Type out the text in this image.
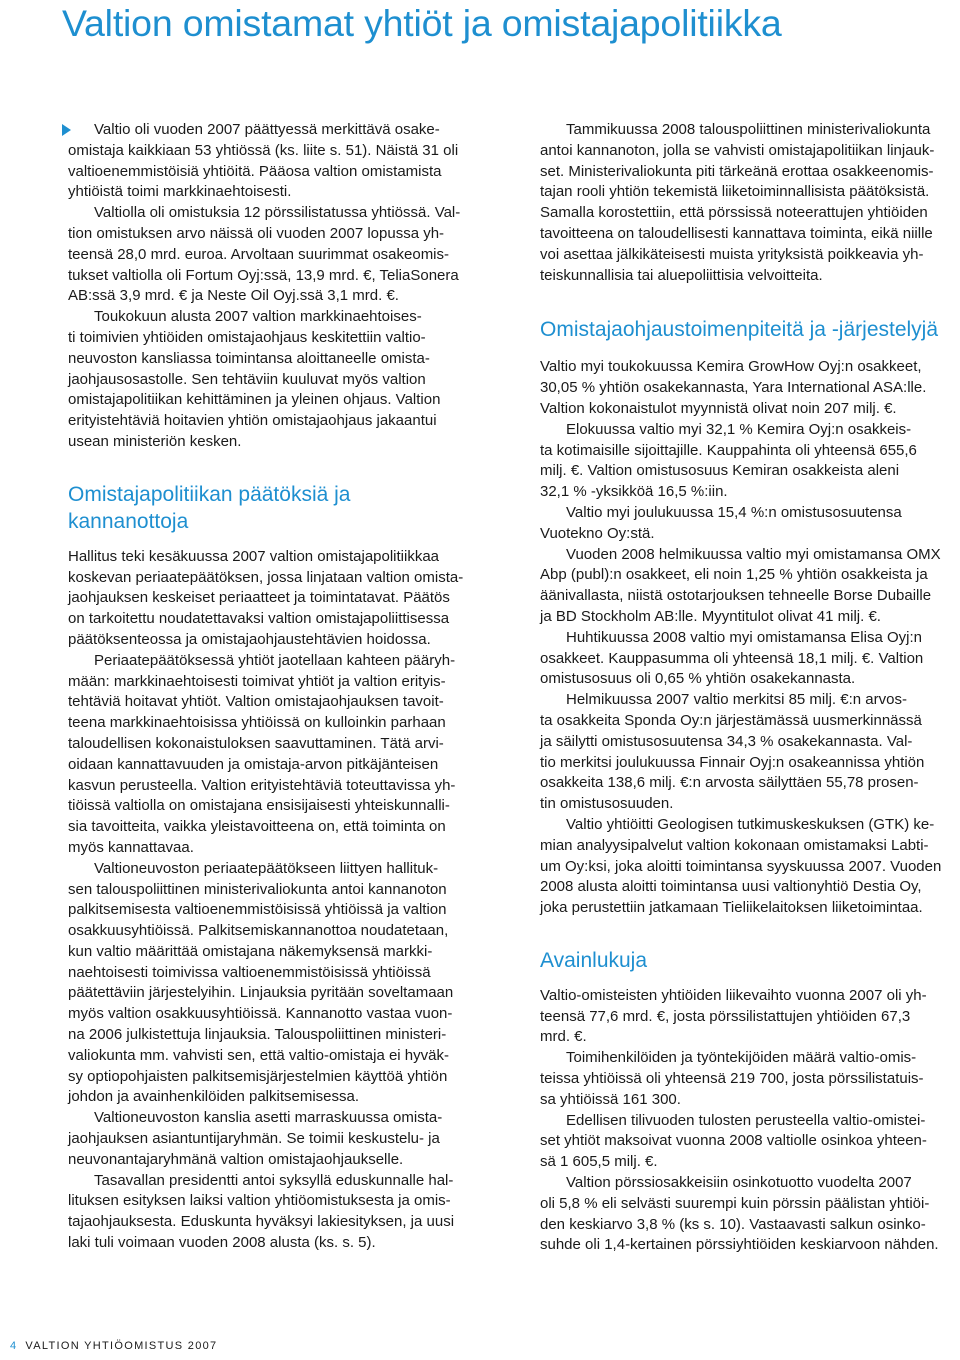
Valtion omistamat yhtiöt ja omistajapolitiikka

Valtio oli vuoden 2007 päättyessä merkittävä osake-
omistaja kaikkiaan 53 yhtiössä (ks. liite s. 51). Näistä 31 oli
valtioenemmistöisiä yhtiöitä. Pääosa valtion omistamista
yhtiöistä toimi markkinaehtoisesti.

Valtiolla oli omistuksia 12 pörssilistatussa yhtiössä. Val-
tion omistuksen arvo näissä oli vuoden 2007 lopussa yh-
teensä 28,0 mrd. euroa. Arvoltaan suurimmat osakeomis-
tukset valtiolla oli Fortum Oyj:ssä, 13,9 mrd. €, TeliaSonera
AB:ssä 3,9 mrd. € ja Neste Oil Oyj.ssä 3,1 mrd. €.

Toukokuun alusta 2007 valtion markkinaehtoises-
ti toimivien yhtiöiden omistajaohjaus keskitettiin valtio-
neuvoston kansliassa toimintansa aloittaneelle omista-
jaohjausosastolle. Sen tehtäviin kuuluvat myös valtion
omistajapolitiikan kehittäminen ja yleinen ohjaus. Valtion
erityistehtäviä hoitavien yhtiön omistajaohjaus jakaantui
usean ministeriön kesken.

Omistajapolitiikan päätöksiä ja
kannanottoja

Hallitus teki kesäkuussa 2007 valtion omistajapolitiikkaa
koskevan periaatepäätöksen, jossa linjataan valtion omista-
jaohjauksen keskeiset periaatteet ja toimintatavat. Päätös
on tarkoitettu noudatettavaksi valtion omistajapoliittisessa
päätöksenteossa ja omistajaohjaustehtävien hoidossa.

Periaatepäätöksessä yhtiöt jaotellaan kahteen pääryh-
mään: markkinaehtoisesti toimivat yhtiöt ja valtion erityis-
tehtäviä hoitavat yhtiöt. Valtion omistajaohjauksen tavoit-
teena markkinaehtoisissa yhtiöissä on kulloinkin parhaan
taloudellisen kokonaistuloksen saavuttaminen. Tätä arvi-
oidaan kannattavuuden ja omistaja-arvon pitkäjänteisen
kasvun perusteella. Valtion erityistehtäviä toteuttavissa yh-
tiöissä valtiolla on omistajana ensisijaisesti yhteiskunnalli-
sia tavoitteita, vaikka yleistavoitteena on, että toiminta on
myös kannattavaa.

Valtioneuvoston periaatepäätökseen liittyen hallituk-
sen talouspoliittinen ministerivaliokunta antoi kannanoton
palkitsemisesta valtioenemmistöisissä yhtiöissä ja valtion
osakkuusyhtiöissä. Palkitsemiskannanottoa noudatetaan,
kun valtio määrittää omistajana näkemyksensä markki-
naehtoisesti toimivissa valtioenemmistöisissä yhtiöissä
päätettäviin järjestelyihin. Linjauksia pyritään soveltamaan
myös valtion osakkuusyhtiöissä. Kannanotto vastaa vuon-
na 2006 julkistettuja linjauksia. Talouspoliittinen ministeri-
valiokunta mm. vahvisti sen, että valtio-omistaja ei hyväk-
sy optiopohjaisten palkitsemisjärjestelmien käyttöä yhtiön
johdon ja avainhenkilöiden palkitsemisessa.

Valtioneuvoston kanslia asetti marraskuussa omista-
jaohjauksen asiantuntijaryhmän. Se toimii keskustelu- ja
neuvonantajaryhmänä valtion omistajaohjaukselle.

Tasavallan presidentti antoi syksyllä eduskunnalle hal-
lituksen esityksen laiksi valtion yhtiöomistuksesta ja omis-
tajaohjauksesta. Eduskunta hyväksyi lakiesityksen, ja uusi
laki tuli voimaan vuoden 2008 alusta (ks. s. 5).

Tammikuussa 2008 talouspoliittinen ministerivaliokunta
antoi kannanoton, jolla se vahvisti omistajapolitiikan linjauk-
set. Ministerivaliokunta piti tärkeänä erottaa osakkeenomis-
tajan rooli yhtiön tekemistä liiketoiminnallisista päätöksistä.
Samalla korostettiin, että pörssissä noteerattujen yhtiöiden
tavoitteena on taloudellisesti kannattava toiminta, eikä niille
voi asettaa jälkikäteisesti muista yrityksistä poikkeavia yh-
teiskunnallisia tai aluepoliittisia velvoitteita.

Omistajaohjaustoimenpiteitä ja -järjestelyjä

Valtio myi toukokuussa Kemira GrowHow Oyj:n osakkeet,
30,05 % yhtiön osakekannasta, Yara International ASA:lle.
Valtion kokonaistulot myynnistä olivat noin 207 milj. €.

Elokuussa valtio myi 32,1 % Kemira Oyj:n osakkeis-
ta kotimaisille sijoittajille. Kauppahinta oli yhteensä 655,6
milj. €. Valtion omistusosuus Kemiran osakkeista aleni
32,1 % -yksikköä 16,5 %:iin.

Valtio myi joulukuussa 15,4 %:n omistusosuutensa
Vuotekno Oy:stä.

Vuoden 2008 helmikuussa valtio myi omistamansa OMX
Abp (publ):n osakkeet, eli noin 1,25 % yhtiön osakkeista ja
äänivallasta, niistä ostotarjouksen tehneelle Borse Dubaille
ja BD Stockholm AB:lle. Myyntitulot olivat 41 milj. €.

Huhtikuussa 2008 valtio myi omistamansa Elisa Oyj:n
osakkeet. Kauppasumma oli yhteensä 18,1 milj. €. Valtion
omistusosuus oli 0,65 % yhtiön osakekannasta.

Helmikuussa 2007 valtio merkitsi 85 milj. €:n arvos-
ta osakkeita Sponda Oy:n järjestämässä uusmerkinnässä
ja säilytti omistusosuutensa 34,3 % osakekannasta. Val-
tio merkitsi joulukuussa Finnair Oyj:n osakeannissa yhtiön
osakkeita 138,6 milj. €:n arvosta säilyttäen 55,78 prosen-
tin omistusosuuden.

Valtio yhtiöitti Geologisen tutkimuskeskuksen (GTK) ke-
mian analyysipalvelut valtion kokonaan omistamaksi Labti-
um Oy:ksi, joka aloitti toimintansa syyskuussa 2007. Vuoden
2008 alusta aloitti toimintansa uusi valtionyhtiö Destia Oy,
joka perustettiin jatkamaan Tieliikelaitoksen liiketoimintaa.

Avainlukuja

Valtio-omisteisten yhtiöiden liikevaihto vuonna 2007 oli yh-
teensä 77,6 mrd. €, josta pörssilistattujen yhtiöiden 67,3
mrd. €.

Toimihenkilöiden ja työntekijöiden määrä valtio-omis-
teissa yhtiöissä oli yhteensä 219 700, josta pörssilistatuis-
sa yhtiöissä 161 300.

Edellisen tilivuoden tulosten perusteella valtio-omistei-
set yhtiöt maksoivat vuonna 2008 valtiolle osinkoa yhteen-
sä 1 605,5 milj. €.

Valtion pörssiosakkeisiin osinkotuotto vuodelta 2007
oli 5,8 % eli selvästi suurempi kuin pörssin päälistan yhtiöi-
den keskiarvo 3,8 % (ks s. 10). Vastaavasti salkun osinko-
suhde oli 1,4-kertainen pörssiyhtiöiden keskiarvoon nähden.

4 VALTION YHTIÖOMISTUS 2007
